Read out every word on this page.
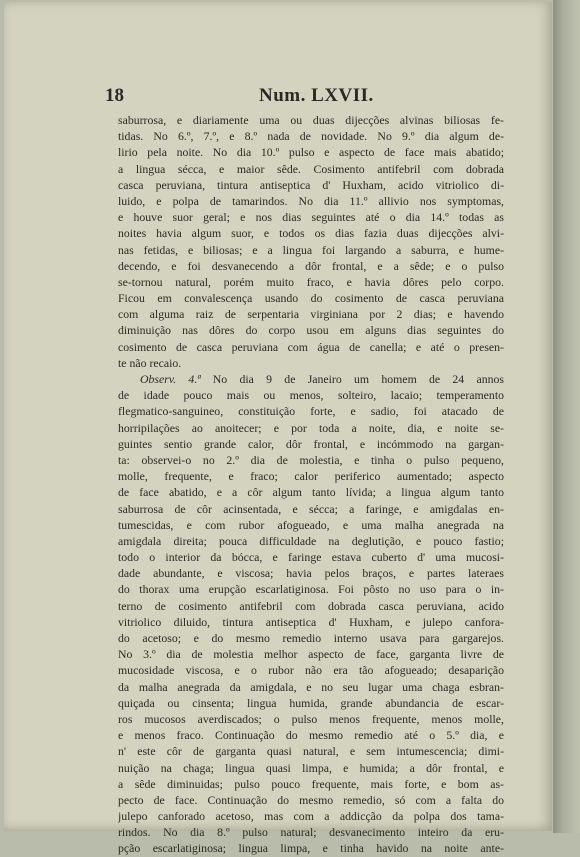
18	Num. LXVII.
saburrosa, e diariamente uma ou duas dijecções alvinas biliosas fe-
tidas. No 6.º, 7.º, e 8.º nada de novidade. No 9.º dia algum de-
lirio pela noite. No dia 10.º pulso e aspecto de face mais abatido;
a lingua sécca, e maior sêde. Cosimento antifebril com dobrada
casca peruviana, tintura antiseptica d' Huxham, acido vitriolico di-
luido, e polpa de tamarindos. No dia 11.º allivio nos symptomas,
e houve suor geral; e nos dias seguintes até o dia 14.º todas as
noites havia algum suor, e todos os dias fazia duas dijecções alvi-
nas fetidas, e biliosas; e a lingua foi largando a saburra, e hume-
decendo, e foi desvanecendo a dôr frontal, e a sêde; e o pulso
se-tornou natural, porém muito fraco, e havia dôres pelo corpo.
Ficou em convalescença usando do cosimento de casca peruviana
com alguma raiz de serpentaria virginiana por 2 dias; e havendo
diminuição nas dôres do corpo usou em alguns dias seguintes do
cosimento de casca peruviana com água de canella; e até o presen-
te não recaio.
Observ. 4.ª No dia 9 de Janeiro um homem de 24 annos
de idade pouco mais ou menos, solteiro, lacaio; temperamento
flegmatico-sanguineo, constituição forte, e sadio, foi atacado de
horripilações ao anoitecer; e por toda a noite, dia, e noite se-
guintes sentio grande calor, dôr frontal, e incómmodo na gargan-
ta: observei-o no 2.º dia de molestia, e tinha o pulso pequeno,
molle, frequente, e fraco; calor periferico aumentado; aspecto
de face abatido, e a côr algum tanto lívida; a lingua algum tanto
saburrosa de côr acinsentada, e sécca; a faringe, e amigdalas en-
tumescidas, e com rubor afogueado, e uma malha anegrada na
amigdala direita; pouca difficuldade na deglutição, e pouco fastio;
todo o interior da bócca, e faringe estava cuberto d' uma mucosi-
dade abundante, e viscosa; havia pelos braços, e partes lateraes
do thorax uma erupção escarlatiginosa. Foi pôsto no uso para o in-
terno de cosimento antifebril com dobrada casca peruviana, acido
vitriolico diluido, tintura antiseptica d' Huxham, e julepo canfora-
do acetoso; e do mesmo remedio interno usava para gargarejos.
No 3.º dia de molestia melhor aspecto de face, garganta livre de
mucosidade viscosa, e o rubor não era tão afogueado; desaparição
da malha anegrada da amigdala, e no seu lugar uma chaga esbran-
quiçada ou cinsenta; lingua humida, grande abundancia de escar-
ros mucosos averdiscados; o pulso menos frequente, menos molle,
e menos fraco. Continuação do mesmo remedio até o 5.º dia, e
n' este côr de garganta quasi natural, e sem intumescencia; dimi-
nuição na chaga; lingua quasi limpa, e humida; a dôr frontal, e
a sêde diminuidas; pulso pouco frequente, mais forte, e bom as-
pecto de face. Continuação do mesmo remedio, só com a falta do
julepo canforado acetoso, mas com a addicção da polpa dos tama-
rindos. No dia 8.º pulso natural; desvanecimento inteiro da eru-
pção escarlatiginosa; lingua limpa, e tinha havido na noite ante-
